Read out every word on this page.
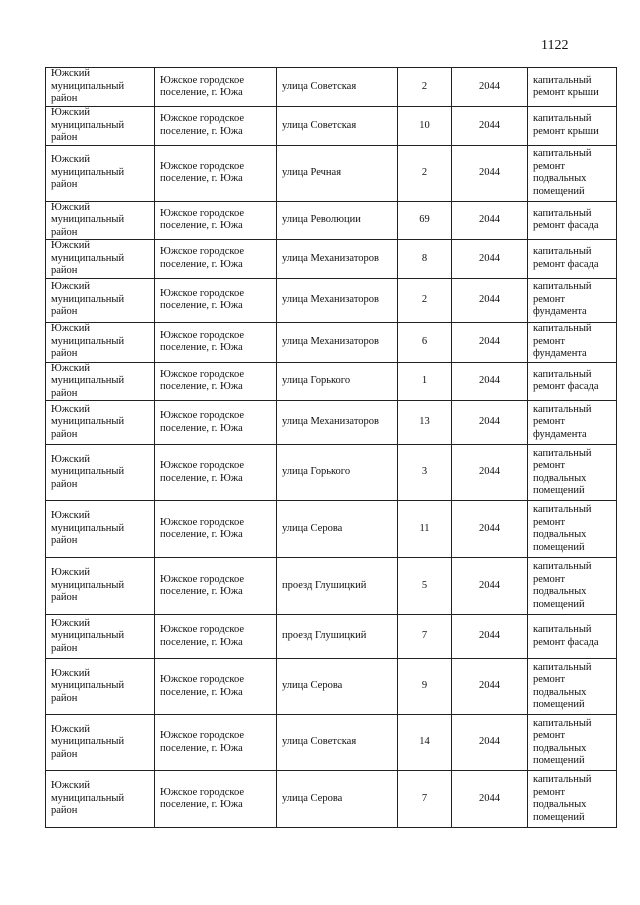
1122
Южский муниципальный район	Южское городское поселение, г. Южа	улица Советская	2	2044	капитальный ремонт крыши
Южский муниципальный район	Южское городское поселение, г. Южа	улица Советская	10	2044	капитальный ремонт крыши
Южский муниципальный район	Южское городское поселение, г. Южа	улица Речная	2	2044	капитальный ремонт подвальных помещений
Южский муниципальный район	Южское городское поселение, г. Южа	улица Революции	69	2044	капитальный ремонт фасада
Южский муниципальный район	Южское городское поселение, г. Южа	улица Механизаторов	8	2044	капитальный ремонт фасада
Южский муниципальный район	Южское городское поселение, г. Южа	улица Механизаторов	2	2044	капитальный ремонт фундамента
Южский муниципальный район	Южское городское поселение, г. Южа	улица Механизаторов	6	2044	капитальный ремонт фундамента
Южский муниципальный район	Южское городское поселение, г. Южа	улица Горького	1	2044	капитальный ремонт фасада
Южский муниципальный район	Южское городское поселение, г. Южа	улица Механизаторов	13	2044	капитальный ремонт фундамента
Южский муниципальный район	Южское городское поселение, г. Южа	улица Горького	3	2044	капитальный ремонт подвальных помещений
Южский муниципальный район	Южское городское поселение, г. Южа	улица Серова	11	2044	капитальный ремонт подвальных помещений
Южский муниципальный район	Южское городское поселение, г. Южа	проезд Глушицкий	5	2044	капитальный ремонт подвальных помещений
Южский муниципальный район	Южское городское поселение, г. Южа	проезд Глушицкий	7	2044	капитальный ремонт фасада
Южский муниципальный район	Южское городское поселение, г. Южа	улица Серова	9	2044	капитальный ремонт подвальных помещений
Южский муниципальный район	Южское городское поселение, г. Южа	улица Советская	14	2044	капитальный ремонт подвальных помещений
Южский муниципальный район	Южское городское поселение, г. Южа	улица Серова	7	2044	капитальный ремонт подвальных помещений
